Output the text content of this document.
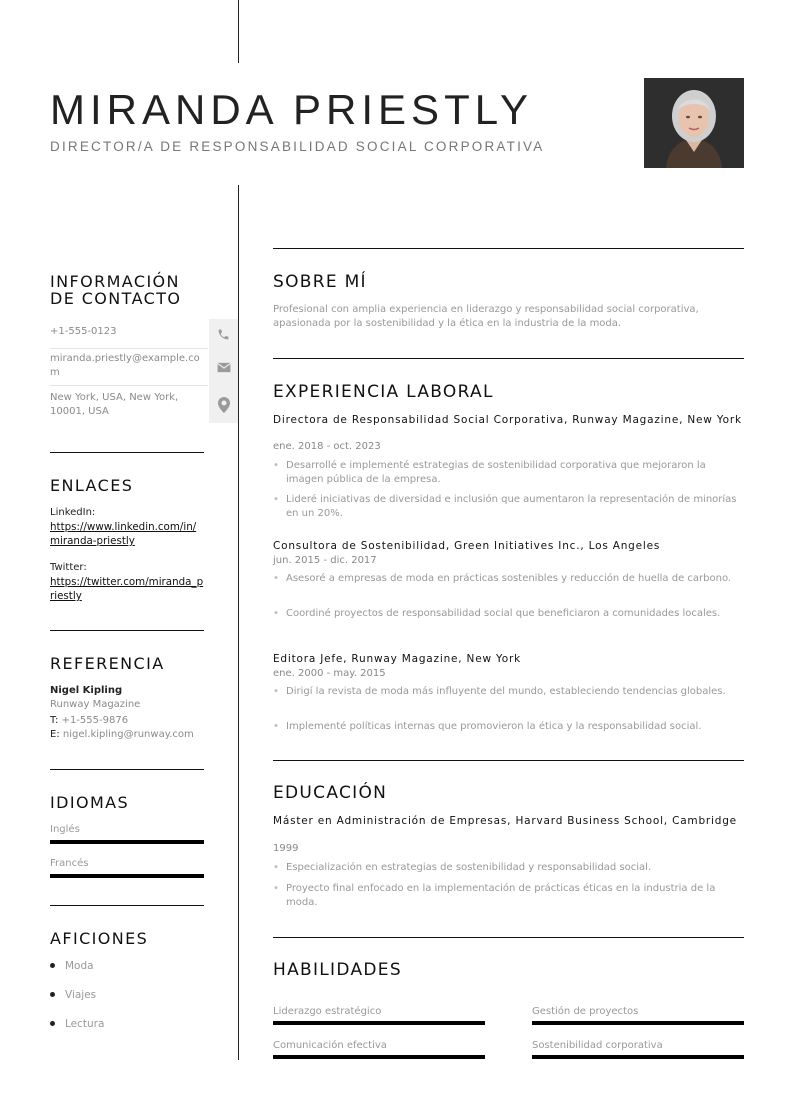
MIRANDA PRIESTLY
DIRECTOR/A DE RESPONSABILIDAD SOCIAL CORPORATIVA
INFORMACIÓN
DE CONTACTO
+1-555-0123
miranda.priestly@example.com
New York, USA, New York, 10001, USA
ENLACES
LinkedIn:
https://www.linkedin.com/in/miranda-priestly
Twitter:
https://twitter.com/miranda_priestly
REFERENCIA
Nigel Kipling
Runway Magazine
T: +1-555-9876
E: nigel.kipling@runway.com
IDIOMAS
Inglés
Francés
AFICIONES
Moda
Viajes
Lectura
SOBRE MÍ
Profesional con amplia experiencia en liderazgo y responsabilidad social corporativa, apasionada por la sostenibilidad y la ética en la industria de la moda.
EXPERIENCIA LABORAL
Directora de Responsabilidad Social Corporativa, Runway Magazine, New York
ene. 2018 - oct. 2023
• Desarrollé e implementé estrategias de sostenibilidad corporativa que mejoraron la imagen pública de la empresa.
• Lideré iniciativas de diversidad e inclusión que aumentaron la representación de minorías en un 20%.
Consultora de Sostenibilidad, Green Initiatives Inc., Los Angeles
jun. 2015 - dic. 2017
• Asesoré a empresas de moda en prácticas sostenibles y reducción de huella de carbono.
• Coordiné proyectos de responsabilidad social que beneficiaron a comunidades locales.
Editora Jefe, Runway Magazine, New York
ene. 2000 - may. 2015
• Dirigí la revista de moda más influyente del mundo, estableciendo tendencias globales.
• Implementé políticas internas que promovieron la ética y la responsabilidad social.
EDUCACIÓN
Máster en Administración de Empresas, Harvard Business School, Cambridge
1999
• Especialización en estrategias de sostenibilidad y responsabilidad social.
• Proyecto final enfocado en la implementación de prácticas éticas en la industria de la moda.
HABILIDADES
Liderazgo estratégico	Gestión de proyectos
Comunicación efectiva	Sostenibilidad corporativa
